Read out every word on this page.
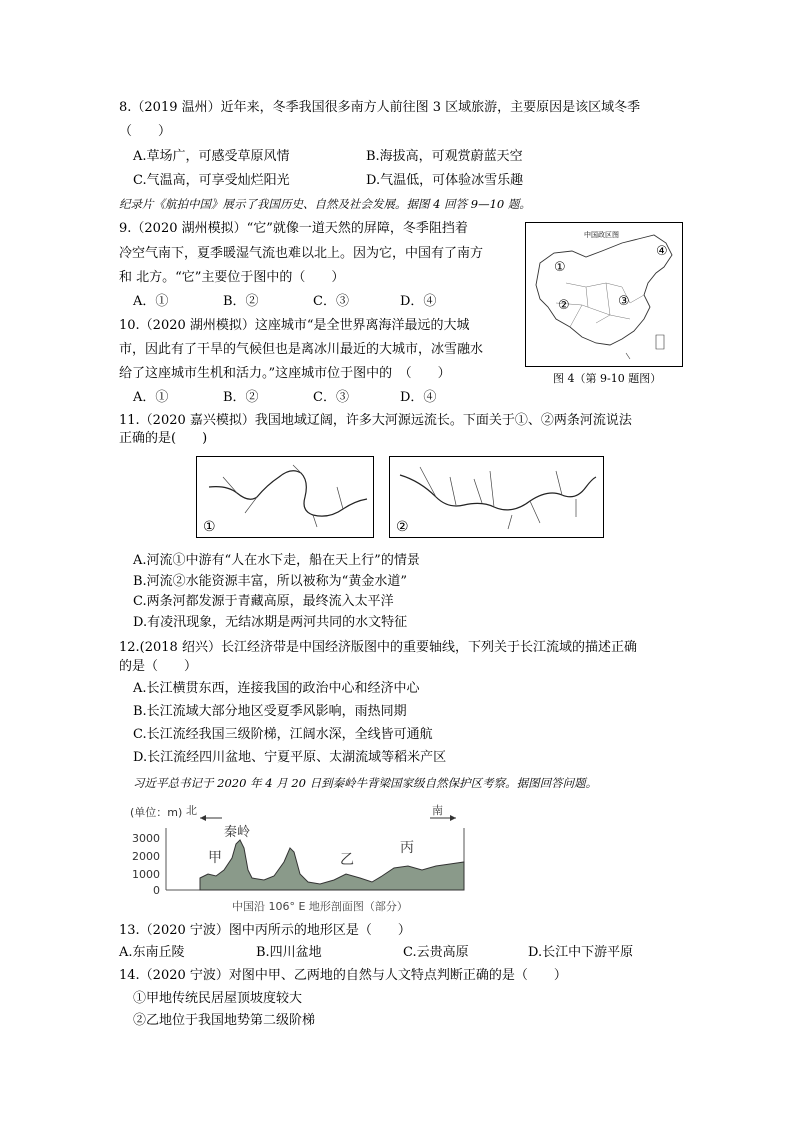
8.（2019 温州）近年来，冬季我国很多南方人前往图 3 区域旅游，主要原因是该区域冬季
（　　）
A.草场广，可感受草原风情	B.海拔高，可观赏蔚蓝天空
C.气温高，可享受灿烂阳光	D.气温低，可体验冰雪乐趣
纪录片《航拍中国》展示了我国历史、自然及社会发展。据图 4 回答 9—10 题。
9.（2020 湖州模拟）“它”就像一道天然的屏障，冬季阻挡着
冷空气南下，夏季暖湿气流也难以北上。因为它，中国有了南方
和 北方。“它”主要位于图中的（　　）
A．①	B．②	C．③	D．④
10.（2020 湖州模拟）这座城市“是全世界离海洋最远的大城
市，因此有了干旱的气候但也是离冰川最近的大城市，冰雪融水
给了这座城市生机和活力。”这座城市位于图中的　（　　）
A．①	B．②	C．③	D．④
中国政区图
①
②	③
④
图 4（第 9-10 题图）
11.（2020 嘉兴模拟）我国地域辽阔，许多大河源远流长。下面关于①、②两条河流说法
正确的是(　　)
①	②
A.河流①中游有“人在水下走，船在天上行”的情景
B.河流②水能资源丰富，所以被称为“黄金水道”
C.两条河都发源于青藏高原，最终流入太平洋
D.有凌汛现象，无结冰期是两河共同的水文特征
12.(2018 绍兴）长江经济带是中国经济版图中的重要轴线，下列关于长江流域的描述正确
的是（　　）
A.长江横贯东西，连接我国的政治中心和经济中心
B.长江流域大部分地区受夏季风影响，雨热同期
C.长江流经我国三级阶梯，江阔水深，全线皆可通航
D.长江流经四川盆地、宁夏平原、太湖流域等稻米产区
习近平总书记于 2020 年 4 月 20 日到秦岭牛背梁国家级自然保护区考察。据图回答问题。
(单位：m) 北	南
3000
2000
1000
0
秦岭
甲	乙
丙
中国沿 106° E 地形剖面图（部分）
13.（2020 宁波）图中丙所示的地形区是（　　）
A.东南丘陵	B.四川盆地	C.云贵高原	D.长江中下游平原
14.（2020 宁波）对图中甲、乙两地的自然与人文特点判断正确的是（　　）
①甲地传统民居屋顶坡度较大
②乙地位于我国地势第二级阶梯
